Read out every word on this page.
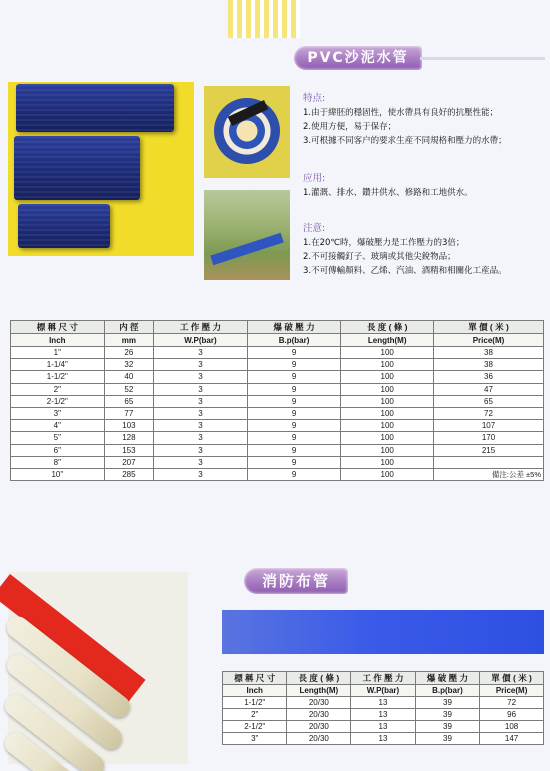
PVC沙泥水管
特点:
1.由于緯胚的穩固性，使水帶具有良好的抗壓性能；
2.使用方便，易于保存；
3.可根據不同客户的要求生産不同規格和壓力的水帶；
应用:
1.灌溉、排水、鑽井供水、修路和工地供水。
注意:
1.在20℃時，爆破壓力是工作壓力的3倍；
2.不可接觸釘子、玻璃或其他尖銳物品；
3.不可傳輸顏料、乙烯、汽油、酒精和相關化工産品。
標 稱 尺 寸	内 徑	工 作 壓 力	爆 破 壓 力	長 度 ( 條 )	單 價 ( 米 )
Inch	mm	W.P(bar)	B.p(bar)	Length(M)	Price(M)
1"	26	3	9	100	38
1-1/4"	32	3	9	100	38
1-1/2"	40	3	9	100	36
2"	52	3	9	100	47
2-1/2"	65	3	9	100	65
3"	77	3	9	100	72
4"	103	3	9	100	107
5"	128	3	9	100	170
6"	153	3	9	100	215
8"	207	3	9	100	
10"	285	3	9	100	備注:公差 ±5%
消防布管
標 稱 尺 寸	長 度 ( 條 )	工 作 壓 力	爆 破 壓 力	單 價 ( 米 )
Inch	Length(M)	W.P(bar)	B.p(bar)	Price(M)
1-1/2"	20/30	13	39	72
2"	20/30	13	39	96
2-1/2"	20/30	13	39	108
3"	20/30	13	39	147
